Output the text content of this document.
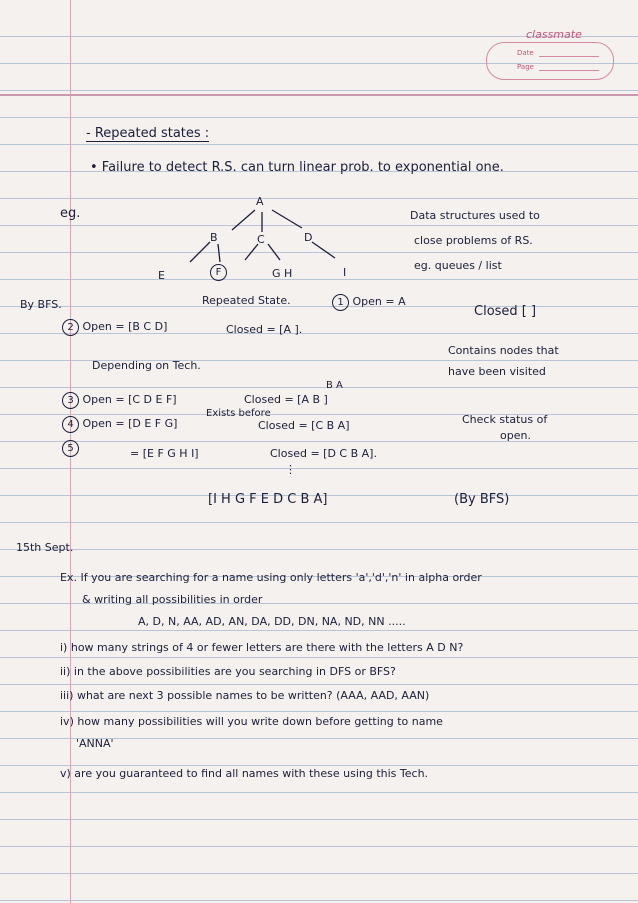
classmate
Date
Page
- Repeated states :
• Failure to detect R.S. can turn linear prob. to exponential one.
eg.
A
B	C	D
E	F	G H	I
Data structures used to
close problems of RS.
eg. queues / list
By BFS.	Repeated State.	1 Open = A
Closed [ ]
2 Open = [B C D]	Closed = [A ].
Depending on Tech.
Contains nodes that
have been visited
B A
3 Open = [C D E F]	Closed = [A B ]
Exists before
4 Open = [D E F G]	Closed = [C B A]	Check status of
open.
5	= [E F G H I]	Closed = [D C B A].
⋮
[I H G F E D C B A]	(By BFS)
15th Sept.
Ex. If you are searching for a name using only letters 'a','d','n' in alpha order
& writing all possibilities in order
A, D, N, AA, AD, AN, DA, DD, DN, NA, ND, NN .....
i) how many strings of 4 or fewer letters are there with the letters A D N?
ii) in the above possibilities are you searching in DFS or BFS?
iii) what are next 3 possible names to be written? (AAA, AAD, AAN)
iv) how many possibilities will you write down before getting to name
'ANNA'
v) are you guaranteed to find all names with these using this Tech.
